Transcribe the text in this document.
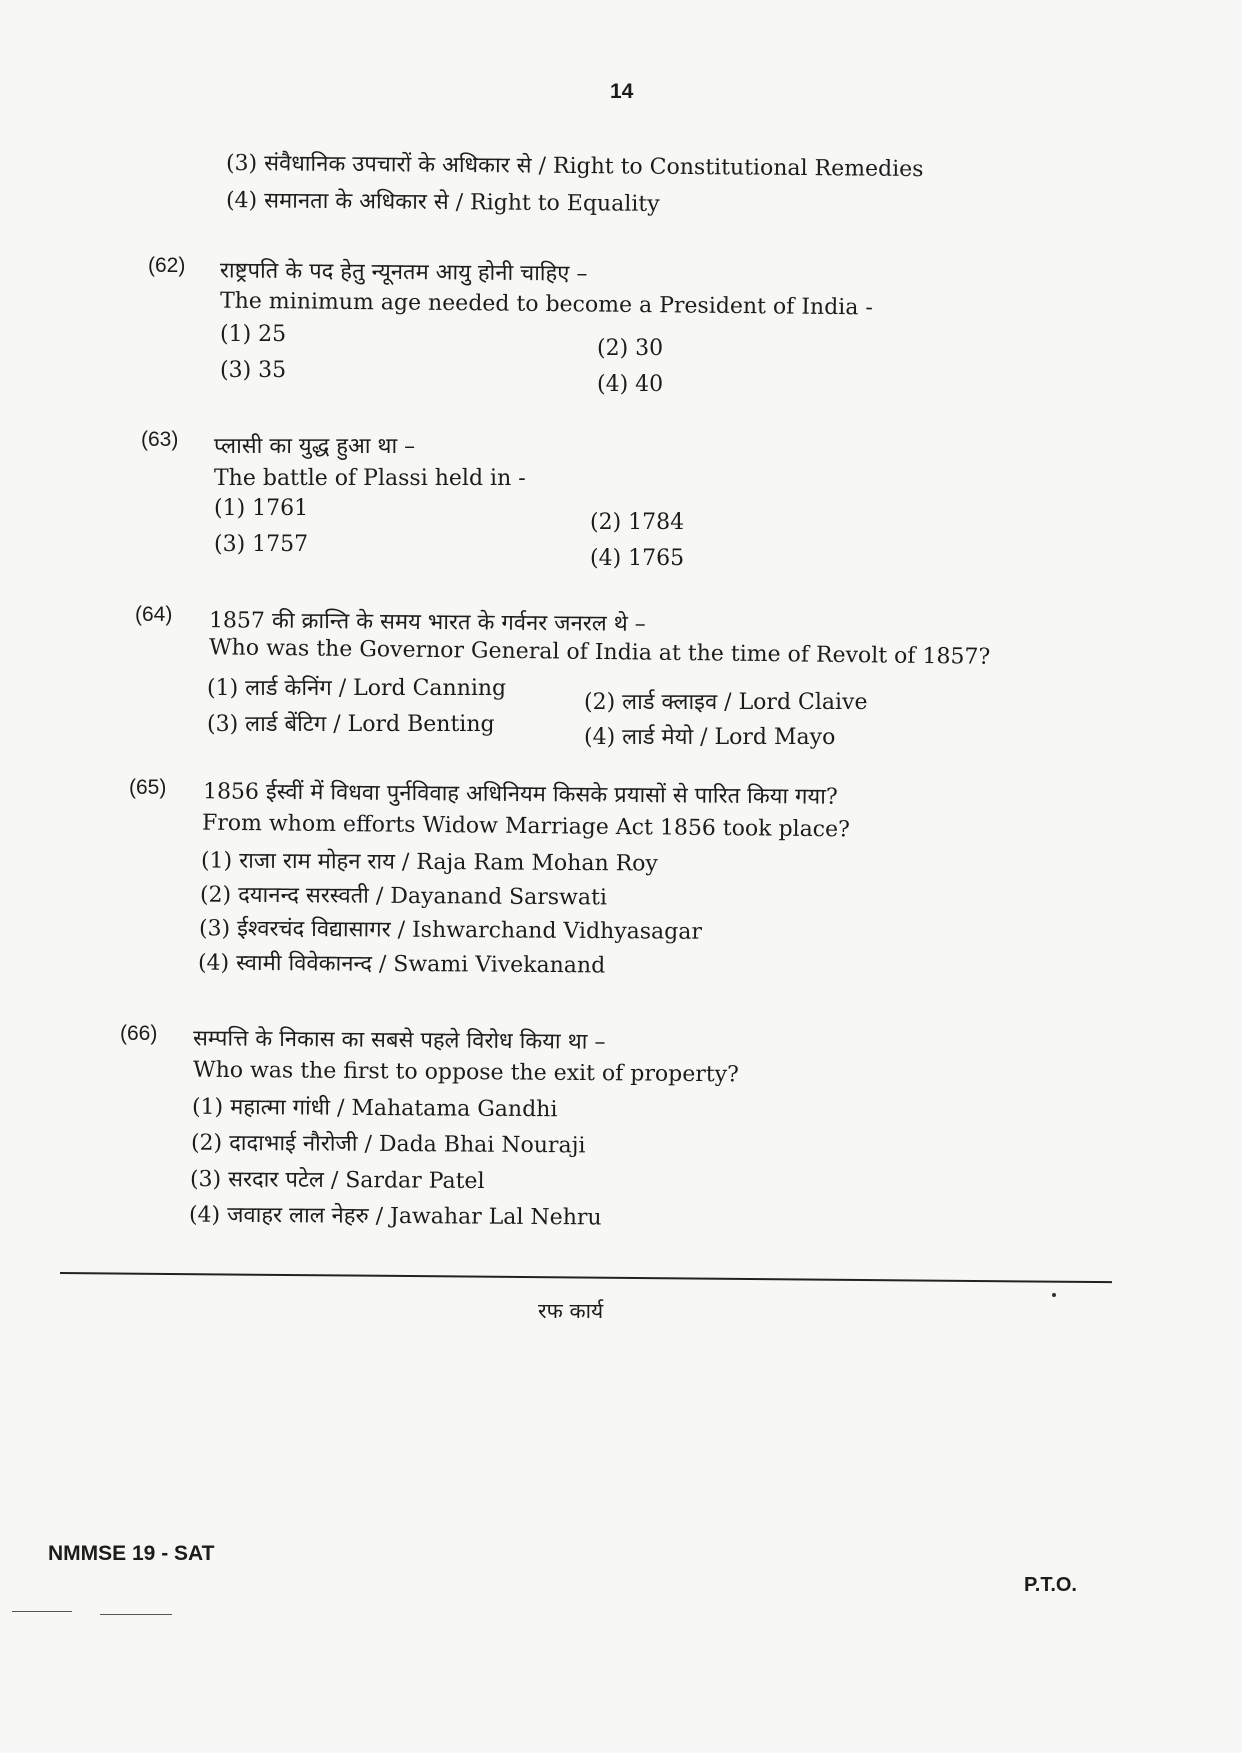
14
(3) संवैधानिक उपचारों के अधिकार से / Right to Constitutional Remedies
(4) समानता के अधिकार से / Right to Equality
(62) राष्ट्रपति के पद हेतु न्यूनतम आयु होनी चाहिए –
The minimum age needed to become a President of India -
(1) 25
(2) 30
(3) 35
(4) 40
(63) प्लासी का युद्ध हुआ था –
The battle of Plassi held in -
(1) 1761
(2) 1784
(3) 1757
(4) 1765
(64) 1857 की क्रान्ति के समय भारत के गर्वनर जनरल थे –
Who was the Governor General of India at the time of Revolt of 1857?
(1) लार्ड केनिंग / Lord Canning
(2) लार्ड क्लाइव / Lord Claive
(3) लार्ड बेंटिग / Lord Benting
(4) लार्ड मेयो / Lord Mayo
(65) 1856 ईस्वीं में विधवा पुर्नविवाह अधिनियम किसके प्रयासों से पारित किया गया?
From whom efforts Widow Marriage Act 1856 took place?
(1) राजा राम मोहन राय / Raja Ram Mohan Roy
(2) दयानन्द सरस्वती / Dayanand Sarswati
(3) ईश्वरचंद विद्यासागर / Ishwarchand Vidhyasagar
(4) स्वामी विवेकानन्द / Swami Vivekanand
(66) सम्पत्ति के निकास का सबसे पहले विरोध किया था –
Who was the first to oppose the exit of property?
(1) महात्मा गांधी / Mahatama Gandhi
(2) दादाभाई नौरोजी / Dada Bhai Nouraji
(3) सरदार पटेल / Sardar Patel
(4) जवाहर लाल नेहरु / Jawahar Lal Nehru
रफ कार्य
NMMSE 19 - SAT
P.T.O.
